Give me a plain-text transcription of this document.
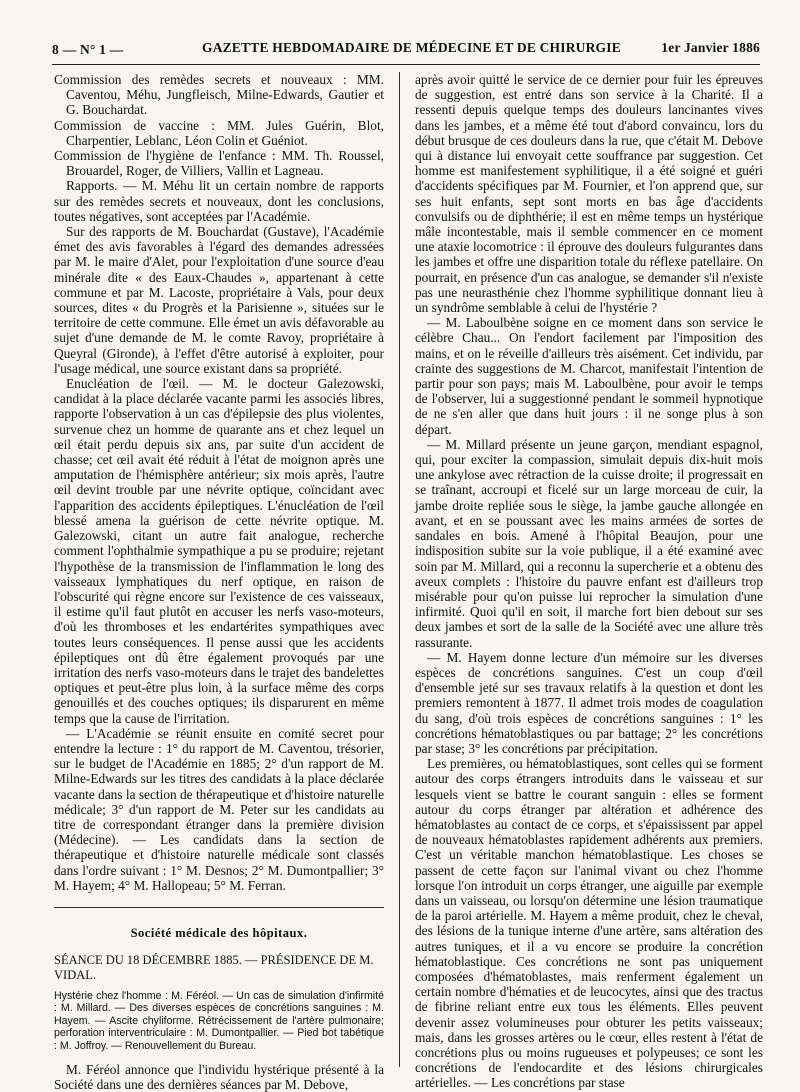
8
— N° 1 —	GAZETTE HEBDOMADAIRE DE MÉDECINE ET DE CHIRURGIE	1er Janvier 1886

Commission des remèdes secrets et nouveaux : MM. Caventou, Méhu, Jungfleisch, Milne-Edwards, Gautier et G. Bouchardat.

Commission de vaccine : MM. Jules Guérin, Blot, Charpentier, Leblanc, Léon Colin et Guéniot.

Commission de l'hygiène de l'enfance : MM. Th. Roussel, Brouardel, Roger, de Villiers, Vallin et Lagneau.

Rapports. — M. Méhu lit un certain nombre de rapports sur des remèdes secrets et nouveaux, dont les conclusions, toutes négatives, sont acceptées par l'Académie.

Sur des rapports de M. Bouchardat (Gustave), l'Académie émet des avis favorables à l'égard des demandes adressées par M. le maire d'Alet, pour l'exploitation d'une source d'eau minérale dite « des Eaux-Chaudes », appartenant à cette commune et par M. Lacoste, propriétaire à Vals, pour deux sources, dites « du Progrès et la Parisienne », situées sur le territoire de cette commune. Elle émet un avis défavorable au sujet d'une demande de M. le comte Ravoy, propriétaire à Queyral (Gironde), à l'effet d'être autorisé à exploiter, pour l'usage médical, une source existant dans sa propriété.

Enucléation de l'œil. — M. le docteur Galezowski, candidat à la place déclarée vacante parmi les associés libres, rapporte l'observation à un cas d'épilepsie des plus violentes, survenue chez un homme de quarante ans et chez lequel un œil était perdu depuis six ans, par suite d'un accident de chasse; cet œil avait été réduit à l'état de moignon après une amputation de l'hémisphère antérieur; six mois après, l'autre œil devint trouble par une névrite optique, coïncidant avec l'apparition des accidents épileptiques. L'énucléation de l'œil blessé amena la guérison de cette névrite optique. M. Galezowski, citant un autre fait analogue, recherche comment l'ophthalmie sympathique a pu se produire; rejetant l'hypothèse de la transmission de l'inflammation le long des vaisseaux lymphatiques du nerf optique, en raison de l'obscurité qui règne encore sur l'existence de ces vaisseaux, il estime qu'il faut plutôt en accuser les nerfs vaso-moteurs, d'où les thromboses et les endartérites sympathiques avec toutes leurs conséquences. Il pense aussi que les accidents épileptiques ont dû être également provoqués par une irritation des nerfs vaso-moteurs dans le trajet des bandelettes optiques et peut-être plus loin, à la surface même des corps genouillés et des couches optiques; ils disparurent en même temps que la cause de l'irritation.

— L'Académie se réunit ensuite en comité secret pour entendre la lecture : 1° du rapport de M. Caventou, trésorier, sur le budget de l'Académie en 1885; 2° d'un rapport de M. Milne-Edwards sur les titres des candidats à la place déclarée vacante dans la section de thérapeutique et d'histoire naturelle médicale; 3° d'un rapport de M. Peter sur les candidats au titre de correspondant étranger dans la première division (Médecine). — Les candidats dans la section de thérapeutique et d'histoire naturelle médicale sont classés dans l'ordre suivant : 1° M. Desnos; 2° M. Dumontpallier; 3° M. Hayem; 4° M. Hallopeau; 5° M. Ferran.

Société médicale des hôpitaux.
SÉANCE DU 18 DÉCEMBRE 1885. — PRÉSIDENCE DE M. VIDAL.

Hystérie chez l'homme : M. Féréol. — Un cas de simulation d'infirmité : M. Millard. — Des diverses espèces de concrétions sanguines : M. Hayem. — Ascite chyliforme. Rétrécissement de l'artère pulmonaire; perforation interventriculaire : M. Dumontpallier. — Pied bot tabétique : M. Joffroy. — Renouvellement du Bureau.

M. Féréol annonce que l'individu hystérique présenté à la Société dans une des dernières séances par M. Debove,

après avoir quitté le service de ce dernier pour fuir les épreuves de suggestion, est entré dans son service à la Charité. Il a ressenti depuis quelque temps des douleurs lancinantes vives dans les jambes, et a même été tout d'abord convaincu, lors du début brusque de ces douleurs dans la rue, que c'était M. Debove qui à distance lui envoyait cette souffrance par suggestion. Cet homme est manifestement syphilitique, il a été soigné et guéri d'accidents spécifiques par M. Fournier, et l'on apprend que, sur ses huit enfants, sept sont morts en bas âge d'accidents convulsifs ou de diphthérie; il est en même temps un hystérique mâle incontestable, mais il semble commencer en ce moment une ataxie locomotrice : il éprouve des douleurs fulgurantes dans les jambes et offre une disparition totale du réflexe patellaire. On pourrait, en présence d'un cas analogue, se demander s'il n'existe pas une neurasthénie chez l'homme syphilitique donnant lieu à un syndrôme semblable à celui de l'hystérie ?

— M. Laboulbène soigne en ce moment dans son service le célèbre Chau... On l'endort facilement par l'imposition des mains, et on le réveille d'ailleurs très aisément. Cet individu, par crainte des suggestions de M. Charcot, manifestait l'intention de partir pour son pays; mais M. Laboulbène, pour avoir le temps de l'observer, lui a suggestionné pendant le sommeil hypnotique de ne s'en aller que dans huit jours : il ne songe plus à son départ.

— M. Millard présente un jeune garçon, mendiant espagnol, qui, pour exciter la compassion, simulait depuis dix-huit mois une ankylose avec rétraction de la cuisse droite; il progressait en se traînant, accroupi et ficelé sur un large morceau de cuir, la jambe droite repliée sous le siège, la jambe gauche allongée en avant, et en se poussant avec les mains armées de sortes de sandales en bois. Amené à l'hôpital Beaujon, pour une indisposition subite sur la voie publique, il a été examiné avec soin par M. Millard, qui a reconnu la supercherie et a obtenu des aveux complets : l'histoire du pauvre enfant est d'ailleurs trop misérable pour qu'on puisse lui reprocher la simulation d'une infirmité. Quoi qu'il en soit, il marche fort bien debout sur ses deux jambes et sort de la salle de la Société avec une allure très rassurante.

— M. Hayem donne lecture d'un mémoire sur les diverses espèces de concrétions sanguines. C'est un coup d'œil d'ensemble jeté sur ses travaux relatifs à la question et dont les premiers remontent à 1877. Il admet trois modes de coagulation du sang, d'où trois espèces de concrétions sanguines : 1° les concrétions hématoblastiques ou par battage; 2° les concrétions par stase; 3° les concrétions par précipitation.

Les premières, ou hématoblastiques, sont celles qui se forment autour des corps étrangers introduits dans le vaisseau et sur lesquels vient se battre le courant sanguin : elles se forment autour du corps étranger par altération et adhérence des hématoblastes au contact de ce corps, et s'épaississent par appel de nouveaux hématoblastes rapidement adhérents aux premiers. C'est un véritable manchon hématoblastique. Les choses se passent de cette façon sur l'animal vivant ou chez l'homme lorsque l'on introduit un corps étranger, une aiguille par exemple dans un vaisseau, ou lorsqu'on détermine une lésion traumatique de la paroi artérielle. M. Hayem a même produit, chez le cheval, des lésions de la tunique interne d'une artère, sans altération des autres tuniques, et il a vu encore se produire la concrétion hématoblastique. Ces concrétions ne sont pas uniquement composées d'hématoblastes, mais renferment également un certain nombre d'hématies et de leucocytes, ainsi que des tractus de fibrine reliant entre eux tous les éléments. Elles peuvent devenir assez volumineuses pour obturer les petits vaisseaux; mais, dans les grosses artères ou le cœur, elles restent à l'état de concrétions plus ou moins rugueuses et polypeuses; ce sont les concrétions de l'endocardite et des lésions chirurgicales artérielles. — Les concrétions par stase
